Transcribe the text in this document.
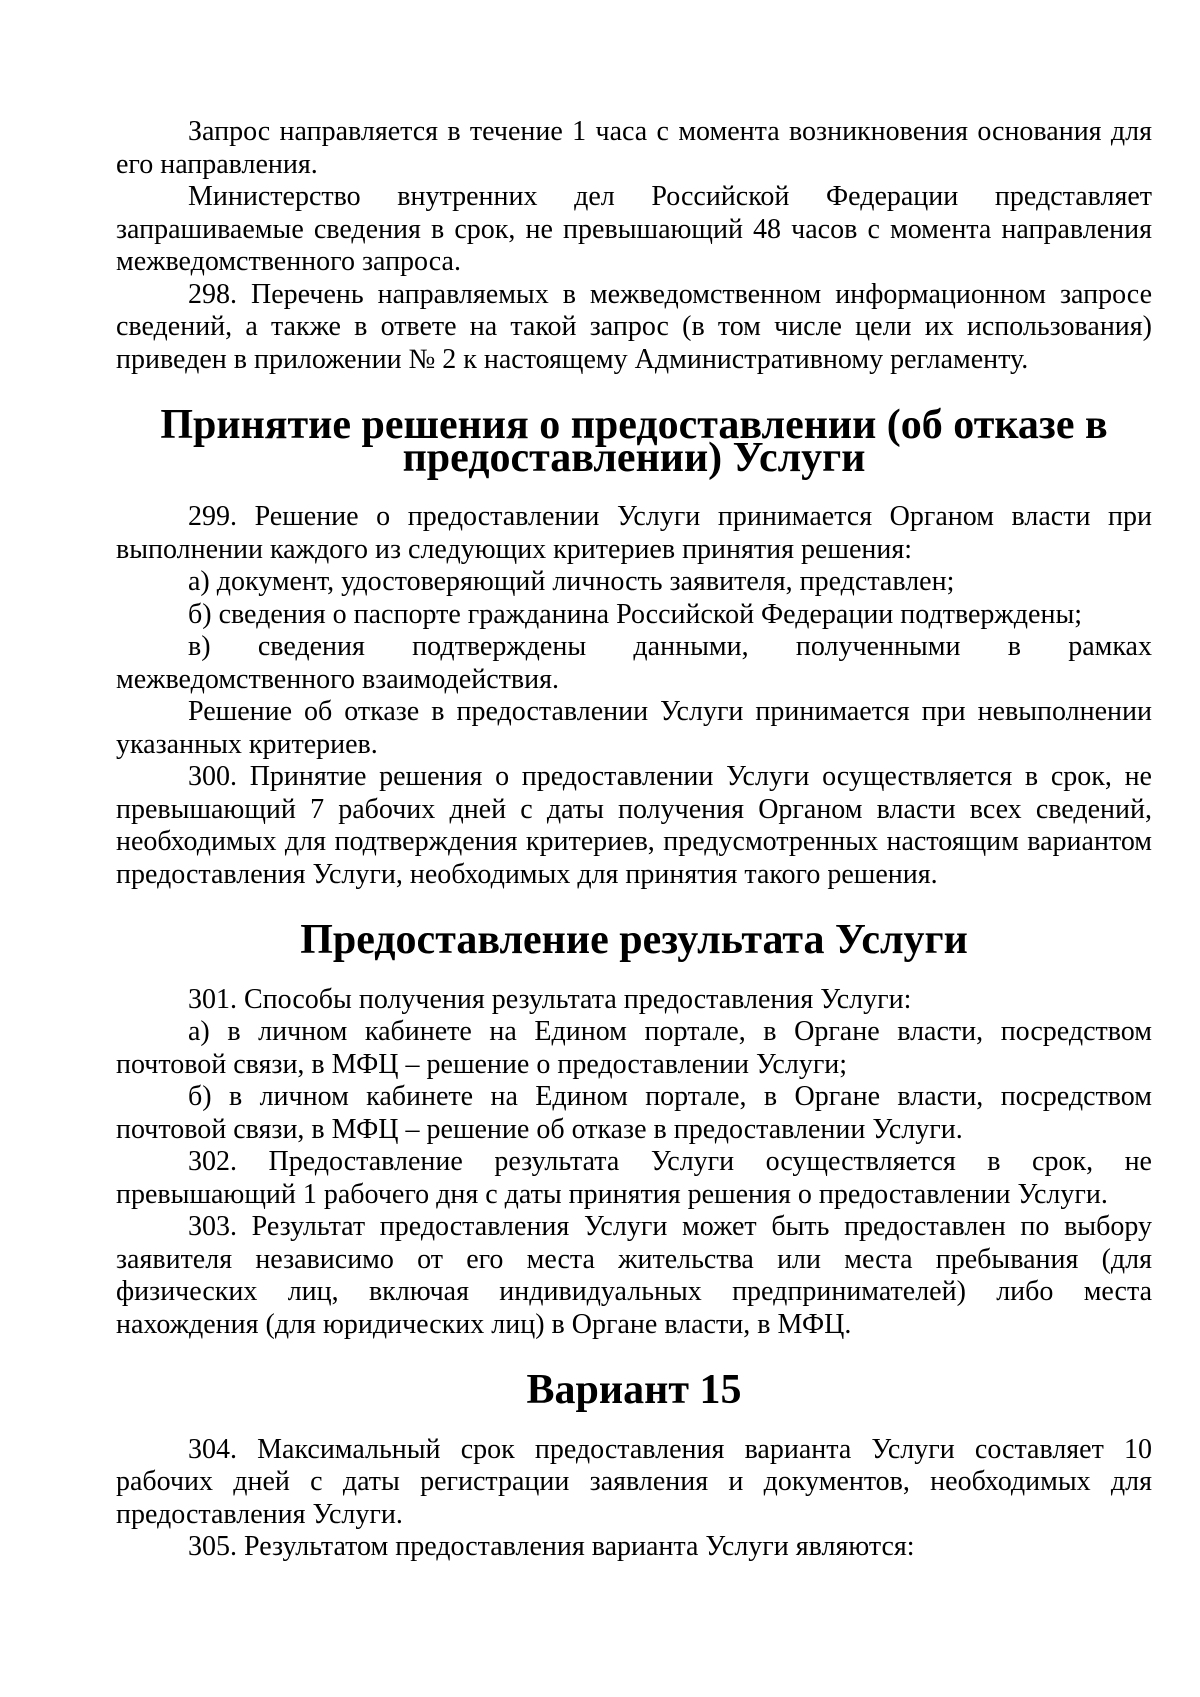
Запрос направляется в течение 1 часа с момента возникновения основания для его направления.

Министерство внутренних дел Российской Федерации представляет запрашиваемые сведения в срок, не превышающий 48 часов с момента направления межведомственного запроса.

298. Перечень направляемых в межведомственном информационном запросе сведений, а также в ответе на такой запрос (в том числе цели их использования) приведен в приложении № 2 к настоящему Административному регламенту.

Принятие решения о предоставлении (об отказе в предоставлении) Услуги

299. Решение о предоставлении Услуги принимается Органом власти при выполнении каждого из следующих критериев принятия решения:

а) документ, удостоверяющий личность заявителя, представлен;

б) сведения о паспорте гражданина Российской Федерации подтверждены;

в) сведения подтверждены данными, полученными в рамках межведомственного взаимодействия.

Решение об отказе в предоставлении Услуги принимается при невыполнении указанных критериев.

300. Принятие решения о предоставлении Услуги осуществляется в срок, не превышающий 7 рабочих дней с даты получения Органом власти всех сведений, необходимых для подтверждения критериев, предусмотренных настоящим вариантом предоставления Услуги, необходимых для принятия такого решения.

Предоставление результата Услуги

301. Способы получения результата предоставления Услуги:

а) в личном кабинете на Едином портале, в Органе власти, посредством почтовой связи, в МФЦ – решение о предоставлении Услуги;

б) в личном кабинете на Едином портале, в Органе власти, посредством почтовой связи, в МФЦ – решение об отказе в предоставлении Услуги.

302. Предоставление результата Услуги осуществляется в срок, не превышающий 1 рабочего дня с даты принятия решения о предоставлении Услуги.

303. Результат предоставления Услуги может быть предоставлен по выбору заявителя независимо от его места жительства или места пребывания (для физических лиц, включая индивидуальных предпринимателей) либо места нахождения (для юридических лиц) в Органе власти, в МФЦ.

Вариант 15

304. Максимальный срок предоставления варианта Услуги составляет 10 рабочих дней с даты регистрации заявления и документов, необходимых для предоставления Услуги.

305. Результатом предоставления варианта Услуги являются:
